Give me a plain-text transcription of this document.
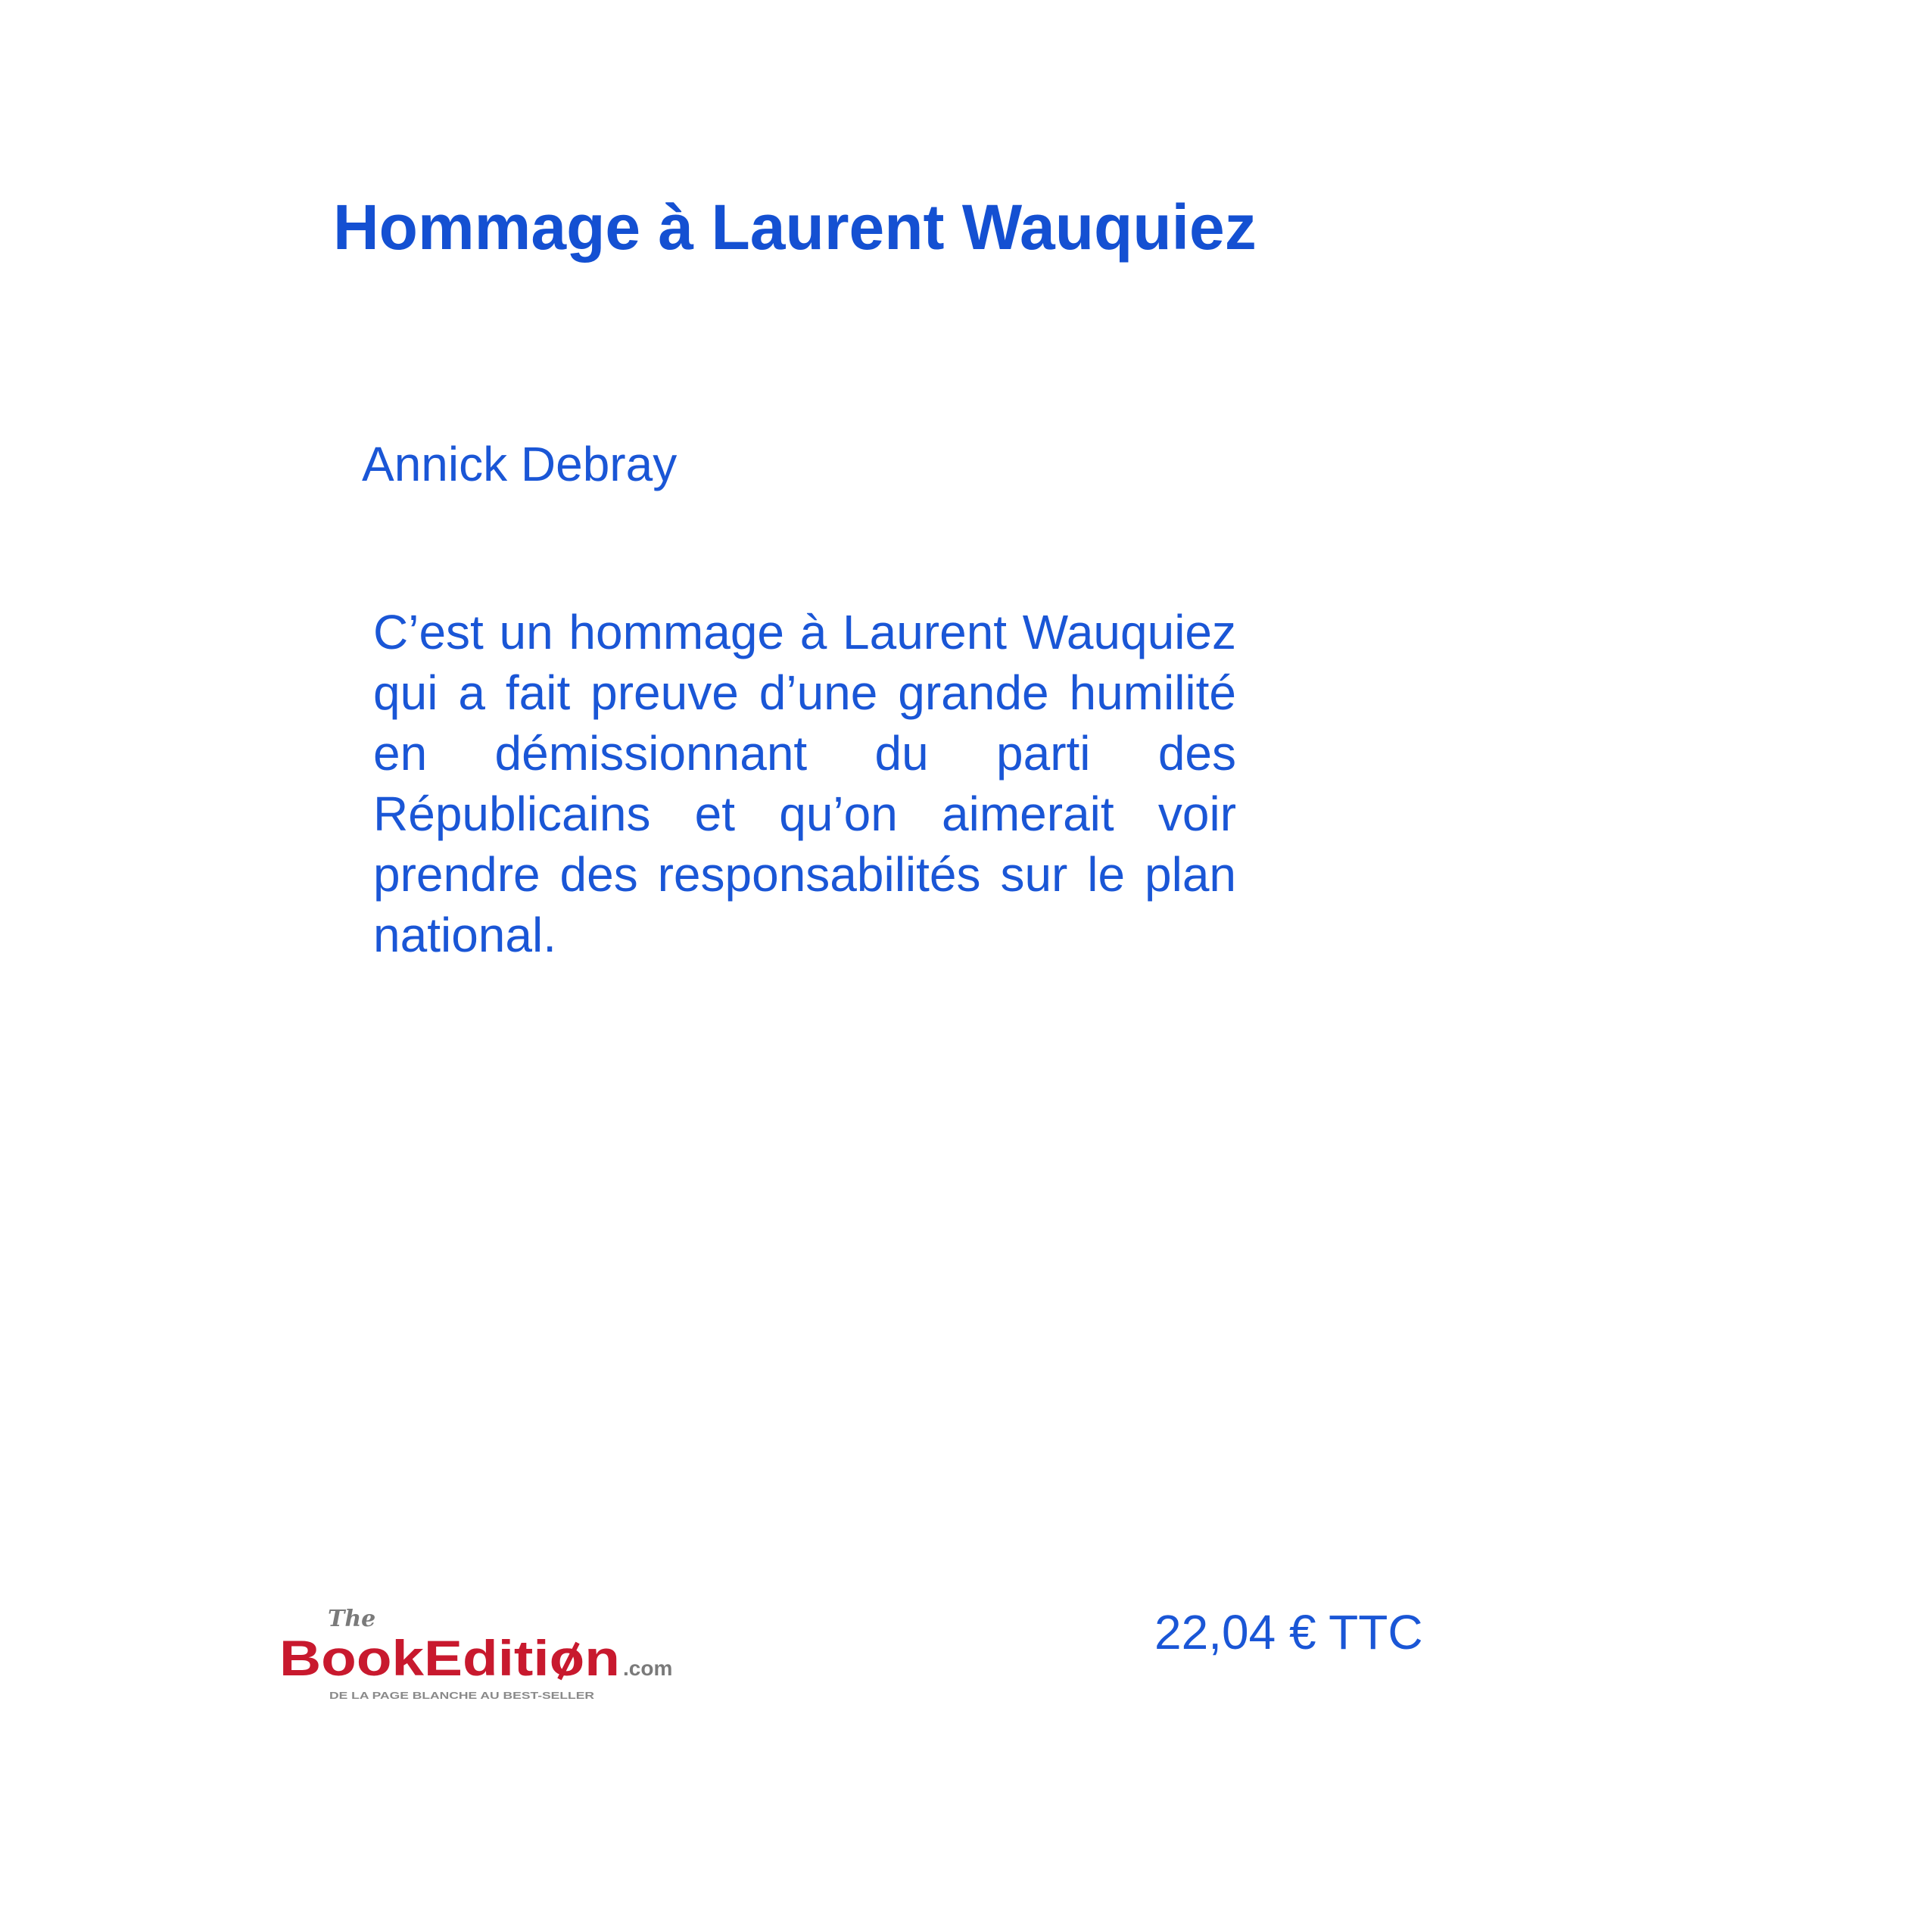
Hommage à Laurent Wauquiez
Annick Debray

C’est un hommage à Laurent Wauquiez qui a fait preuve d’une grande humilité en démissionnant du parti des Républicains et qu’on aimerait voir prendre des responsabilités sur le plan national.

The
BookEditi on .com
DE LA PAGE BLANCHE AU BEST-SELLER
22,04 € TTC
